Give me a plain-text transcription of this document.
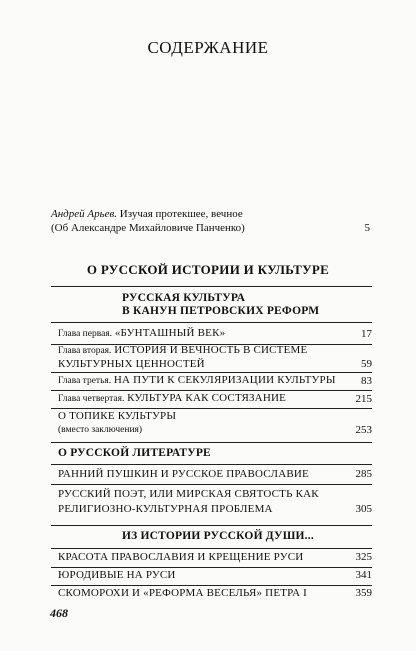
СОДЕРЖАНИЕ
Андрей Арьев. Изучая протекшее, вечное
(Об Александре Михайловиче Панченко)	5
О РУССКОЙ ИСТОРИИ И КУЛЬТУРЕ
РУССКАЯ КУЛЬТУРА
В КАНУН ПЕТРОВСКИХ РЕФОРМ
Глава первая. «БУНТАШНЫЙ ВЕК»	17
Глава вторая. ИСТОРИЯ И ВЕЧНОСТЬ В СИСТЕМЕ
КУЛЬТУРНЫХ ЦЕННОСТЕЙ	59
Глава третья. НА ПУТИ К СЕКУЛЯРИЗАЦИИ КУЛЬТУРЫ 83
Глава четвертая. КУЛЬТУРА КАК СОСТЯЗАНИЕ	215
О ТОПИКЕ КУЛЬТУРЫ
(вместо заключения)	253
О РУССКОЙ ЛИТЕРАТУРЕ
РАННИЙ ПУШКИН И РУССКОЕ ПРАВОСЛАВИЕ	285
РУССКИЙ ПОЭТ, ИЛИ МИРСКАЯ СВЯТОСТЬ КАК
РЕЛИГИОЗНО-КУЛЬТУРНАЯ ПРОБЛЕМА	305
ИЗ ИСТОРИИ РУССКОЙ ДУШИ...
КРАСОТА ПРАВОСЛАВИЯ И КРЕЩЕНИЕ РУСИ	325
ЮРОДИВЫЕ НА РУСИ	341
СКОМОРОХИ И «РЕФОРМА ВЕСЕЛЬЯ» ПЕТРА I	359
468
